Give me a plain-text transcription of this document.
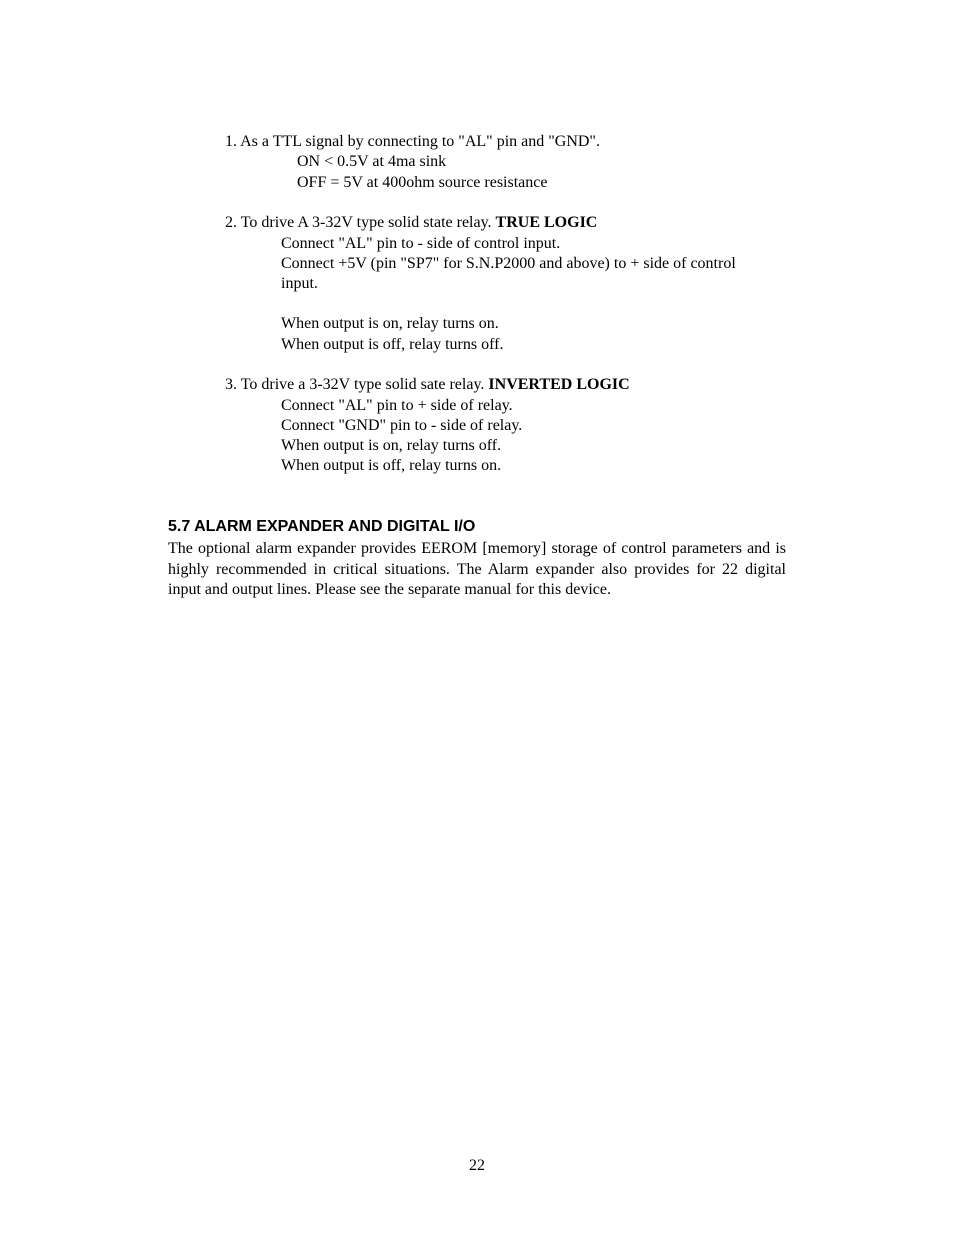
1. As a TTL signal by connecting to "AL" pin and "GND".
ON < 0.5V at 4ma sink
OFF = 5V at 400ohm source resistance
2. To drive A 3-32V type solid state relay. TRUE LOGIC
Connect "AL" pin to - side of control input.
Connect +5V (pin "SP7" for S.N.P2000 and above) to + side of control
input.
When output is on, relay turns on.
When output is off, relay turns off.
3. To drive a 3-32V type solid sate relay. INVERTED LOGIC
Connect "AL" pin to + side of relay.
Connect "GND" pin to - side of relay.
When output is on, relay turns off.
When output is off, relay turns on.
5.7 ALARM EXPANDER AND DIGITAL I/O
The optional alarm expander provides EEROM [memory] storage of control parameters and is highly recommended in critical situations. The Alarm expander also provides for 22 digital input and output lines. Please see the separate manual for this device.
22
